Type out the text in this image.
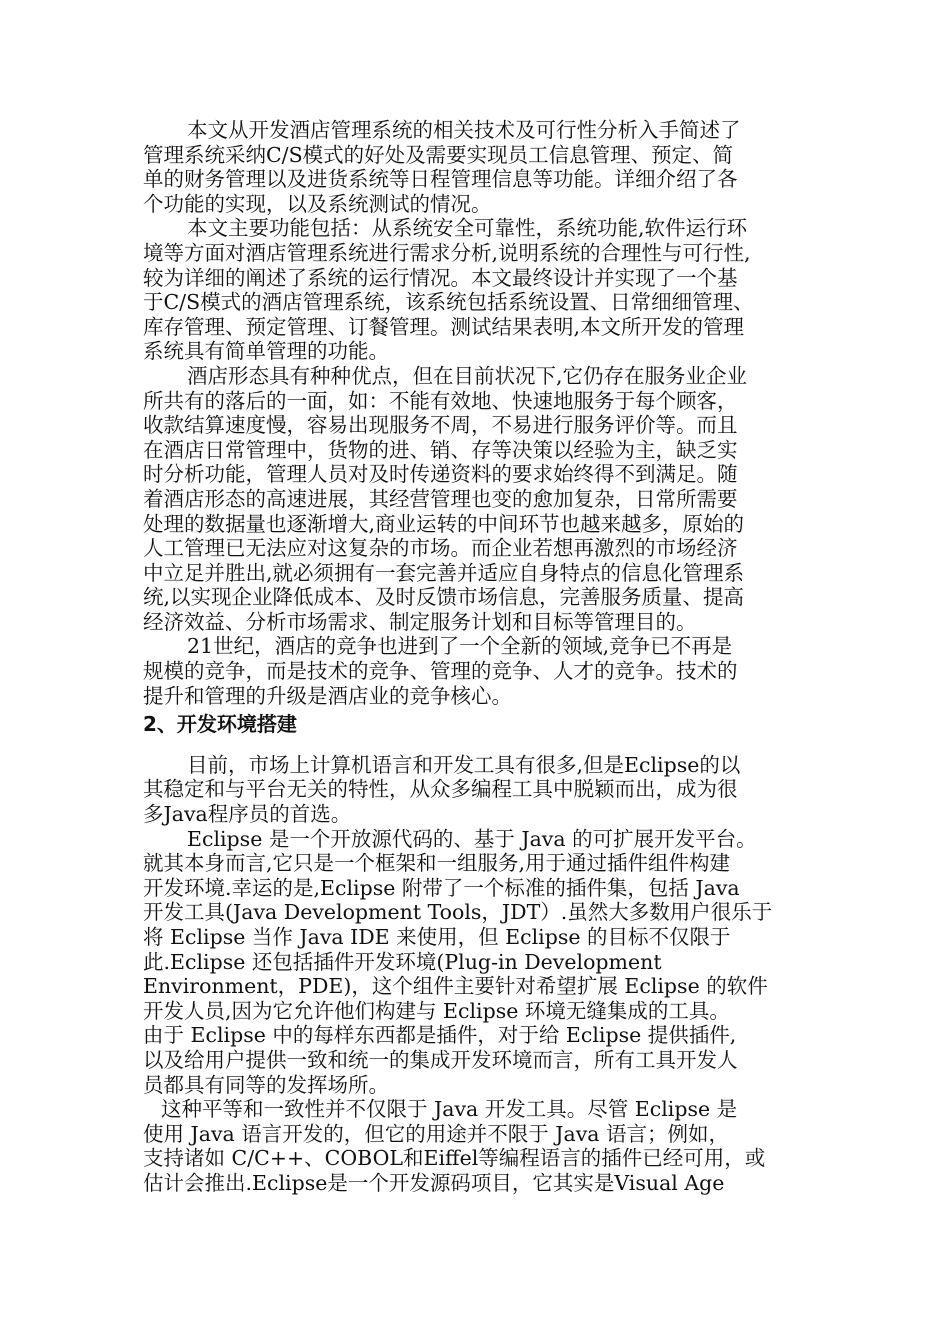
本文从开发酒店管理系统的相关技术及可行性分析入手简述了
管理系统采纳C/S模式的好处及需要实现员工信息管理、预定、简
单的财务管理以及进货系统等日程管理信息等功能。详细介绍了各
个功能的实现，以及系统测试的情况。
本文主要功能包括：从系统安全可靠性，系统功能,软件运行环
境等方面对酒店管理系统进行需求分析,说明系统的合理性与可行性,
较为详细的阐述了系统的运行情况。本文最终设计并实现了一个基
于C/S模式的酒店管理系统，该系统包括系统设置、日常细细管理、
库存管理、预定管理、订餐管理。测试结果表明,本文所开发的管理
系统具有简单管理的功能。
酒店形态具有种种优点，但在目前状况下,它仍存在服务业企业
所共有的落后的一面，如：不能有效地、快速地服务于每个顾客，
收款结算速度慢，容易出现服务不周，不易进行服务评价等。而且
在酒店日常管理中，货物的进、销、存等决策以经验为主，缺乏实
时分析功能，管理人员对及时传递资料的要求始终得不到满足。随
着酒店形态的高速进展，其经营管理也变的愈加复杂，日常所需要
处理的数据量也逐渐增大,商业运转的中间环节也越来越多，原始的
人工管理已无法应对这复杂的市场。而企业若想再激烈的市场经济
中立足并胜出,就必须拥有一套完善并适应自身特点的信息化管理系
统,以实现企业降低成本、及时反馈市场信息，完善服务质量、提高
经济效益、分析市场需求、制定服务计划和目标等管理目的。
21世纪，酒店的竞争也进到了一个全新的领域,竞争已不再是
规模的竞争，而是技术的竞争、管理的竞争、人才的竞争。技术的
提升和管理的升级是酒店业的竞争核心。
2、开发环境搭建
目前，市场上计算机语言和开发工具有很多,但是Eclipse的以
其稳定和与平台无关的特性，从众多编程工具中脱颖而出，成为很
多Java程序员的首选。
Eclipse 是一个开放源代码的、基于 Java 的可扩展开发平台。
就其本身而言,它只是一个框架和一组服务,用于通过插件组件构建
开发环境.幸运的是,Eclipse 附带了一个标准的插件集，包括 Java
开发工具(Java Development Tools，JDT）.虽然大多数用户很乐于
将 Eclipse 当作 Java IDE 来使用，但 Eclipse 的目标不仅限于
此.Eclipse 还包括插件开发环境(Plug-in Development
Environment，PDE)，这个组件主要针对希望扩展 Eclipse 的软件
开发人员,因为它允许他们构建与 Eclipse 环境无缝集成的工具。
由于 Eclipse 中的每样东西都是插件，对于给 Eclipse 提供插件,
以及给用户提供一致和统一的集成开发环境而言，所有工具开发人
员都具有同等的发挥场所。
这种平等和一致性并不仅限于 Java 开发工具。尽管 Eclipse 是
使用 Java 语言开发的，但它的用途并不限于 Java 语言；例如，
支持诸如 C/C++、COBOL和Eiffel等编程语言的插件已经可用，或
估计会推出.Eclipse是一个开发源码项目，它其实是Visual Age
